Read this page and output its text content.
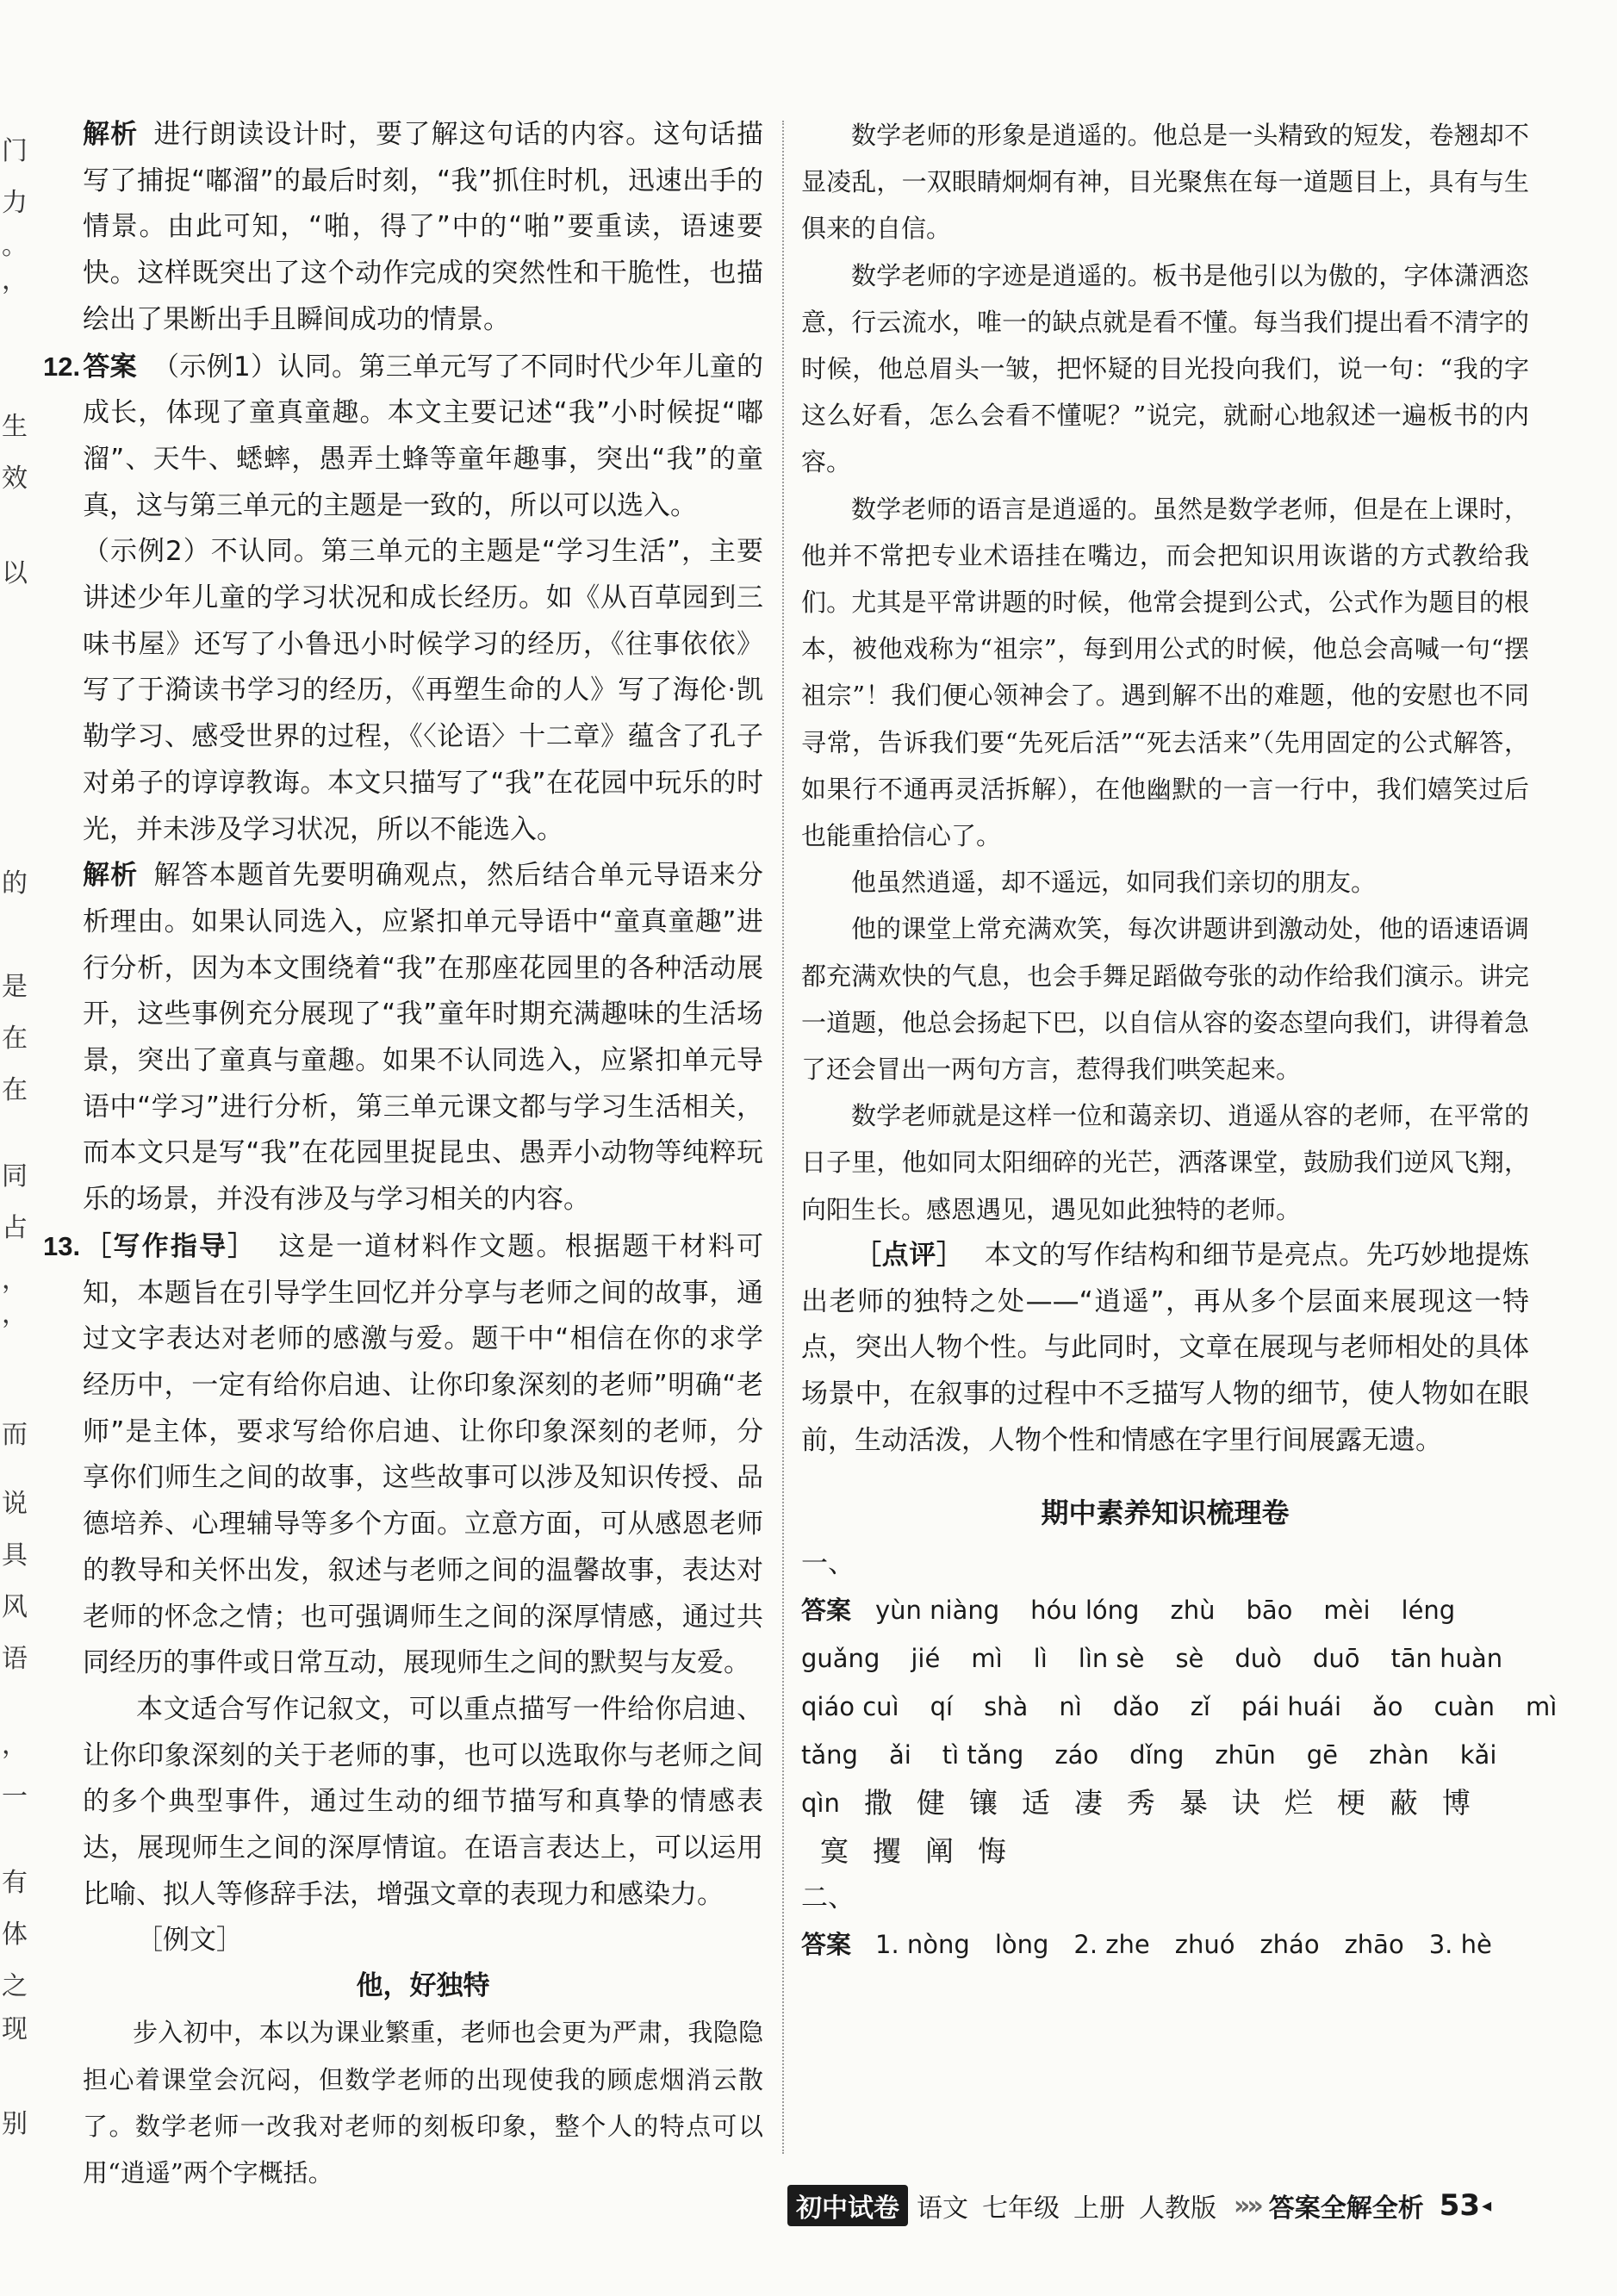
门
力
。
，
生
效
以
的
是
在
在
同
占
，
，
而
说
具
风
语
，
一
有
体
之
现
别

解析 进行朗读设计时，要了解这句话的内容。这句话描写了捕捉“嘟溜”的最后时刻，“我”抓住时机，迅速出手的情景。由此可知，“啪，得了”中的“啪”要重读，语速要快。这样既突出了这个动作完成的突然性和干脆性，也描绘出了果断出手且瞬间成功的情景。

12.答案 （示例1）认同。第三单元写了不同时代少年儿童的成长，体现了童真童趣。本文主要记述“我”小时候捉“嘟溜”、天牛、蟋蟀，愚弄土蜂等童年趣事，突出“我”的童真，这与第三单元的主题是一致的，所以可以选入。

（示例2）不认同。第三单元的主题是“学习生活”，主要讲述少年儿童的学习状况和成长经历。如《从百草园到三味书屋》还写了小鲁迅小时候学习的经历，《往事依依》写了于漪读书学习的经历，《再塑生命的人》写了海伦·凯勒学习、感受世界的过程，《〈论语〉十二章》蕴含了孔子对弟子的谆谆教诲。本文只描写了“我”在花园中玩乐的时光，并未涉及学习状况，所以不能选入。

解析 解答本题首先要明确观点，然后结合单元导语来分析理由。如果认同选入，应紧扣单元导语中“童真童趣”进行分析，因为本文围绕着“我”在那座花园里的各种活动展开，这些事例充分展现了“我”童年时期充满趣味的生活场景，突出了童真与童趣。如果不认同选入，应紧扣单元导语中“学习”进行分析，第三单元课文都与学习生活相关，而本文只是写“我”在花园里捉昆虫、愚弄小动物等纯粹玩乐的场景，并没有涉及与学习相关的内容。

13.［写作指导］ 这是一道材料作文题。根据题干材料可知，本题旨在引导学生回忆并分享与老师之间的故事，通过文字表达对老师的感激与爱。题干中“相信在你的求学经历中，一定有给你启迪、让你印象深刻的老师”明确“老师”是主体，要求写给你启迪、让你印象深刻的老师，分享你们师生之间的故事，这些故事可以涉及知识传授、品德培养、心理辅导等多个方面。立意方面，可从感恩老师的教导和关怀出发，叙述与老师之间的温馨故事，表达对老师的怀念之情；也可强调师生之间的深厚情感，通过共同经历的事件或日常互动，展现师生之间的默契与友爱。

本文适合写作记叙文，可以重点描写一件给你启迪、让你印象深刻的关于老师的事，也可以选取你与老师之间的多个典型事件，通过生动的细节描写和真挚的情感表达，展现师生之间的深厚情谊。在语言表达上，可以运用比喻、拟人等修辞手法，增强文章的表现力和感染力。

［例文］

他，好独特

步入初中，本以为课业繁重，老师也会更为严肃，我隐隐担心着课堂会沉闷，但数学老师的出现使我的顾虑烟消云散了。数学老师一改我对老师的刻板印象，整个人的特点可以用“逍遥”两个字概括。

数学老师的形象是逍遥的。他总是一头精致的短发，卷翘却不显凌乱，一双眼睛炯炯有神，目光聚焦在每一道题目上，具有与生俱来的自信。

数学老师的字迹是逍遥的。板书是他引以为傲的，字体潇洒恣意，行云流水，唯一的缺点就是看不懂。每当我们提出看不清字的时候，他总眉头一皱，把怀疑的目光投向我们，说一句：“我的字这么好看，怎么会看不懂呢？”说完，就耐心地叙述一遍板书的内容。

数学老师的语言是逍遥的。虽然是数学老师，但是在上课时，他并不常把专业术语挂在嘴边，而会把知识用诙谐的方式教给我们。尤其是平常讲题的时候，他常会提到公式，公式作为题目的根本，被他戏称为“祖宗”，每到用公式的时候，他总会高喊一句“摆祖宗”！我们便心领神会了。遇到解不出的难题，他的安慰也不同寻常，告诉我们要“先死后活”“死去活来”（先用固定的公式解答，如果行不通再灵活拆解），在他幽默的一言一行中，我们嬉笑过后也能重拾信心了。

他虽然逍遥，却不遥远，如同我们亲切的朋友。

他的课堂上常充满欢笑，每次讲题讲到激动处，他的语速语调都充满欢快的气息，也会手舞足蹈做夸张的动作给我们演示。讲完一道题，他总会扬起下巴，以自信从容的姿态望向我们，讲得着急了还会冒出一两句方言，惹得我们哄笑起来。

数学老师就是这样一位和蔼亲切、逍遥从容的老师，在平常的日子里，他如同太阳细碎的光芒，洒落课堂，鼓励我们逆风飞翔，向阳生长。感恩遇见，遇见如此独特的老师。

［点评］ 本文的写作结构和细节是亮点。先巧妙地提炼出老师的独特之处——“逍遥”，再从多个层面来展现这一特点，突出人物个性。与此同时，文章在展现与老师相处的具体场景中，在叙事的过程中不乏描写人物的细节，使人物如在眼前，生动活泼，人物个性和情感在字里行间展露无遗。

期中素养知识梳理卷

一、

答案 yùn niàng hóu lóng zhù bāo mèi léng
guǎng jié mì lì lìn sè sè duò duō tān huàn
qiáo cuì qí shà nì dǎo zǐ pái huái ǎo cuàn mì
tǎng ǎi tì tǎng záo dǐng zhūn gē zhàn kǎi
qìn 撒 健 镶 适 凄 秀 暴 诀 烂 梗 蔽 博
寞 攫 阐 悔

二、

答案 1. nòng　lòng　2. zhe　zhuó　zháo　zhāo　3. hè
初中试卷 语文 七年级 上册 人教版 »» 答案全解全析 53 ◂
